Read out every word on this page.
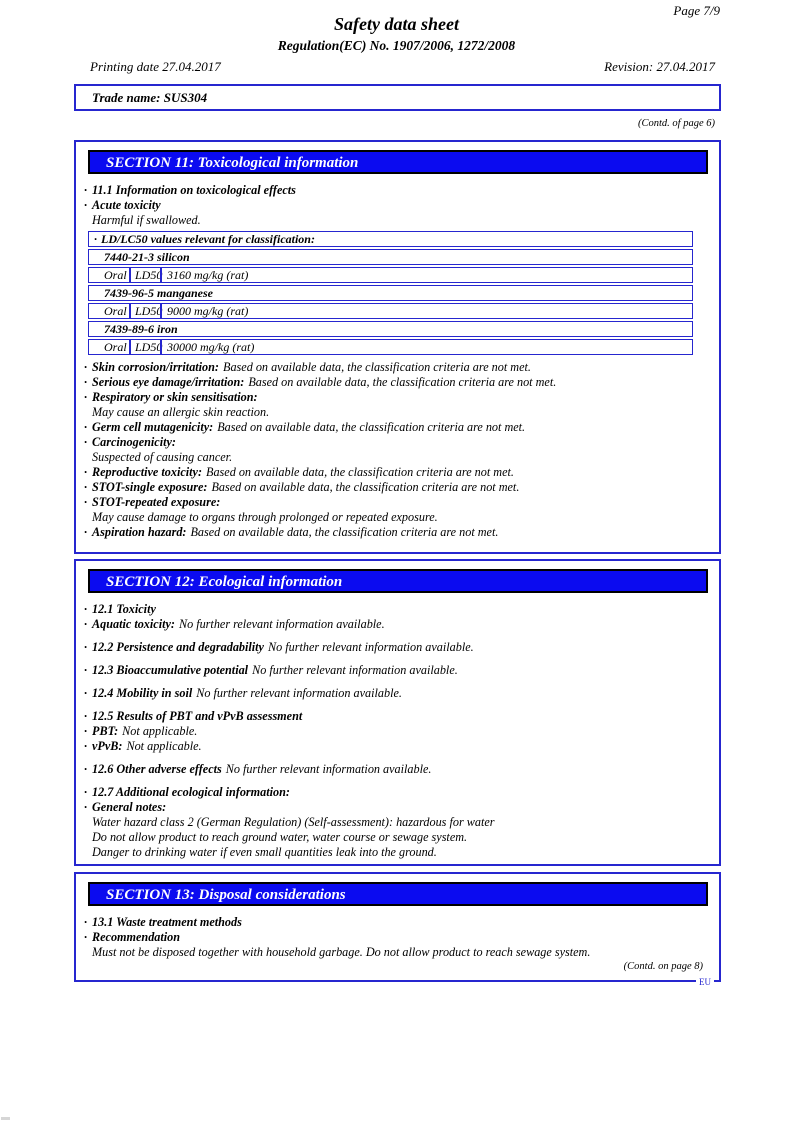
Page 7/9
Safety data sheet
Regulation(EC) No. 1907/2006, 1272/2008
Printing date 27.04.2017	Revision: 27.04.2017
Trade name: SUS304
(Contd. of page 6)
SECTION 11: Toxicological information

· 11.1 Information on toxicological effects

· Acute toxicity

Harmful if swallowed.

· LD/LC50 values relevant for classification:
7440-21-3 silicon
Oral LD50 3160 mg/kg (rat)
7439-96-5 manganese
Oral LD50 9000 mg/kg (rat)
7439-89-6 iron
Oral LD50 30000 mg/kg (rat)

· Skin corrosion/irritation: Based on available data, the classification criteria are not met.

· Serious eye damage/irritation: Based on available data, the classification criteria are not met.

· Respiratory or skin sensitisation:

May cause an allergic skin reaction.

· Germ cell mutagenicity: Based on available data, the classification criteria are not met.

· Carcinogenicity:

Suspected of causing cancer.

· Reproductive toxicity: Based on available data, the classification criteria are not met.

· STOT-single exposure: Based on available data, the classification criteria are not met.

· STOT-repeated exposure:

May cause damage to organs through prolonged or repeated exposure.

· Aspiration hazard: Based on available data, the classification criteria are not met.

SECTION 12: Ecological information

· 12.1 Toxicity

· Aquatic toxicity: No further relevant information available.

· 12.2 Persistence and degradability No further relevant information available.

· 12.3 Bioaccumulative potential No further relevant information available.

· 12.4 Mobility in soil No further relevant information available.

· 12.5 Results of PBT and vPvB assessment

· PBT: Not applicable.

· vPvB: Not applicable.

· 12.6 Other adverse effects No further relevant information available.

· 12.7 Additional ecological information:

· General notes:

Water hazard class 2 (German Regulation) (Self-assessment): hazardous for water

Do not allow product to reach ground water, water course or sewage system.

Danger to drinking water if even small quantities leak into the ground.

SECTION 13: Disposal considerations

· 13.1 Waste treatment methods

· Recommendation

Must not be disposed together with household garbage. Do not allow product to reach sewage system.

(Contd. on page 8)
EU
